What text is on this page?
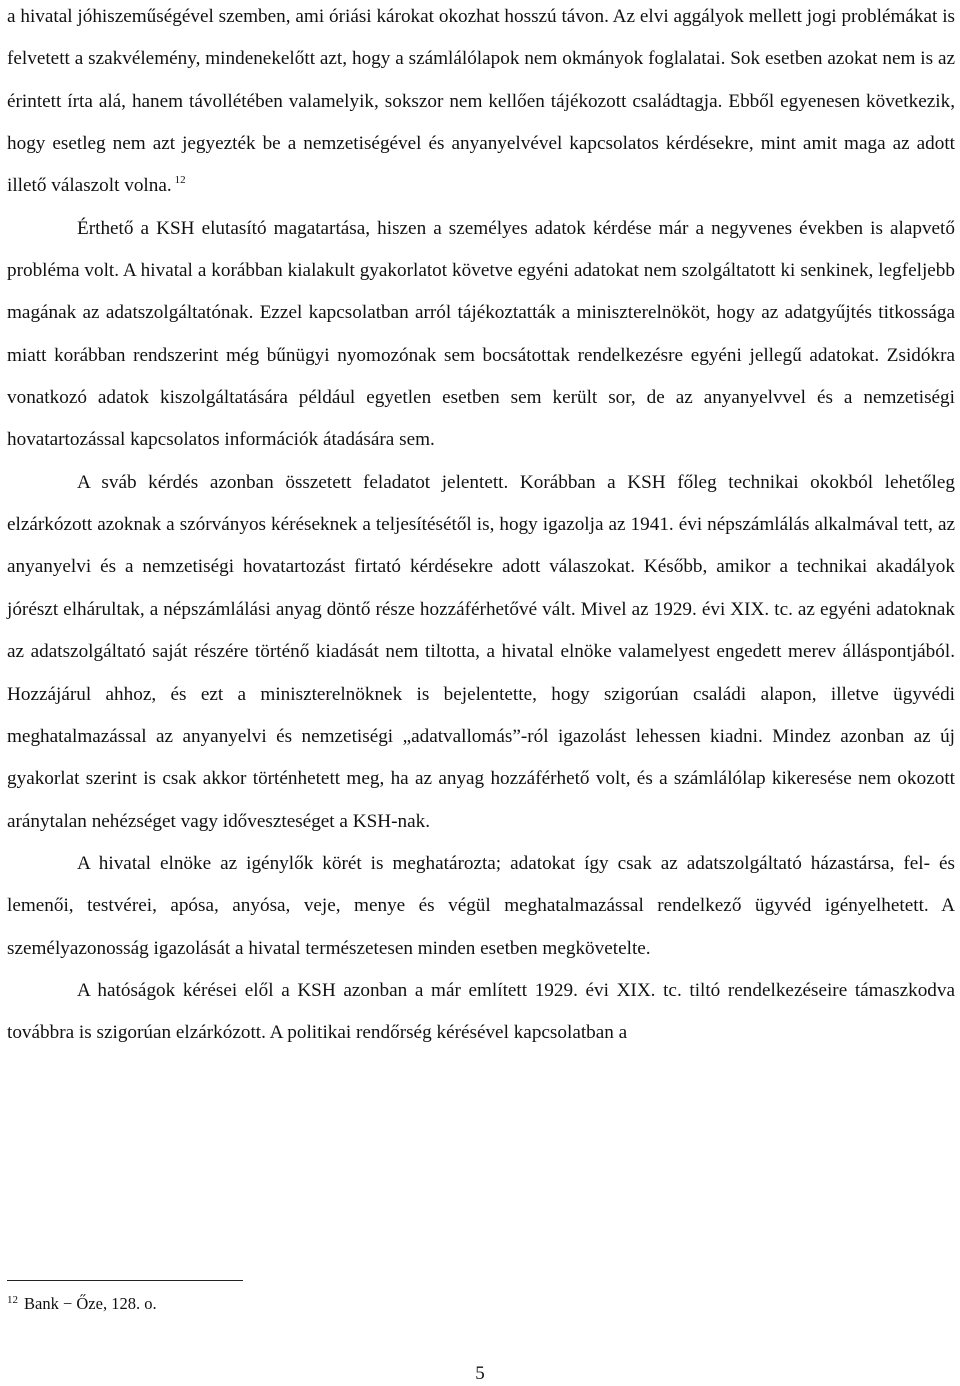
a hivatal jóhiszeműségével szemben, ami óriási károkat okozhat hosszú távon. Az elvi aggályok mellett jogi problémákat is felvetett a szakvélemény, mindenekelőtt azt, hogy a számlálólapok nem okmányok foglalatai. Sok esetben azokat nem is az érintett írta alá, hanem távollétében valamelyik, sokszor nem kellően tájékozott családtagja. Ebből egyenesen következik, hogy esetleg nem azt jegyezték be a nemzetiségével és anyanyelvével kapcsolatos kérdésekre, mint amit maga az adott illető válaszolt volna. $^{12}$

Érthető a KSH elutasító magatartása, hiszen a személyes adatok kérdése már a negyvenes években is alapvető probléma volt. A hivatal a korábban kialakult gyakorlatot követve egyéni adatokat nem szolgáltatott ki senkinek, legfeljebb magának az adatszolgáltatónak. Ezzel kapcsolatban arról tájékoztatták a miniszterelnököt, hogy az adatgyűjtés titkossága miatt korábban rendszerint még bűnügyi nyomozónak sem bocsátottak rendelkezésre egyéni jellegű adatokat. Zsidókra vonatkozó adatok kiszolgáltatására például egyetlen esetben sem került sor, de az anyanyelvvel és a nemzetiségi hovatartozással kapcsolatos információk átadására sem.

A sváb kérdés azonban összetett feladatot jelentett. Korábban a KSH főleg technikai okokból lehetőleg elzárkózott azoknak a szórványos kéréseknek a teljesítésétől is, hogy igazolja az 1941. évi népszámlálás alkalmával tett, az anyanyelvi és a nemzetiségi hovatartozást firtató kérdésekre adott válaszokat. Később, amikor a technikai akadályok jórészt elhárultak, a népszámlálási anyag döntő része hozzáférhetővé vált. Mivel az 1929. évi XIX. tc. az egyéni adatoknak az adatszolgáltató saját részére történő kiadását nem tiltotta, a hivatal elnöke valamelyest engedett merev álláspontjából. Hozzájárul ahhoz, és ezt a miniszterelnöknek is bejelentette, hogy szigorúan családi alapon, illetve ügyvédi meghatalmazással az anyanyelvi és nemzetiségi „adatvallomás”-ról igazolást lehessen kiadni. Mindez azonban az új gyakorlat szerint is csak akkor történhetett meg, ha az anyag hozzáférhető volt, és a számlálólap kikeresése nem okozott aránytalan nehézséget vagy időveszteséget a KSH-nak.

A hivatal elnöke az igénylők körét is meghatározta; adatokat így csak az adatszolgáltató házastársa, fel- és lemenői, testvérei, apósa, anyósa, veje, menye és végül meghatalmazással rendelkező ügyvéd igényelhetett. A személyazonosság igazolását a hivatal természetesen minden esetben megkövetelte.

A hatóságok kérései elől a KSH azonban a már említett 1929. évi XIX. tc. tiltó rendelkezéseire támaszkodva továbbra is szigorúan elzárkózott. A politikai rendőrség kérésével kapcsolatban a

$^{12}$ Bank − Őze, 128. o.

5
